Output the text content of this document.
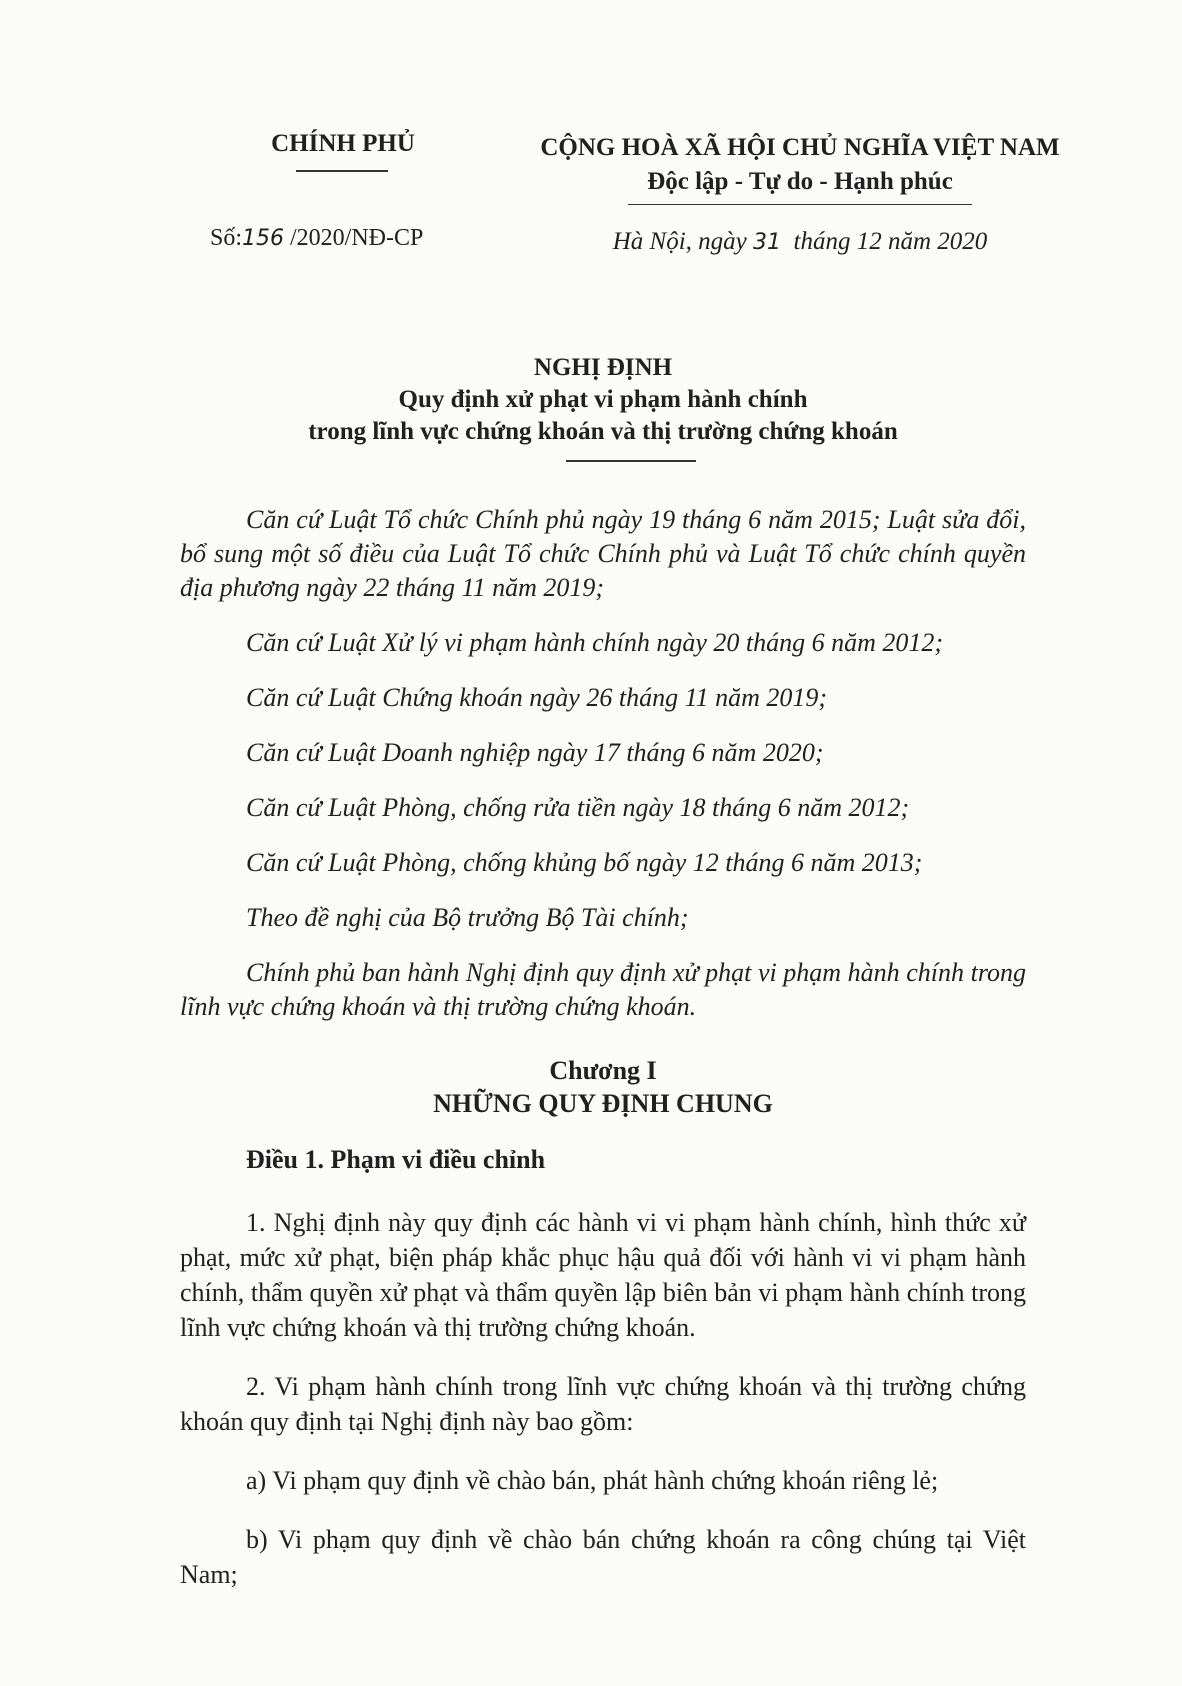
CHÍNH PHỦ
Số:156 /2020/NĐ-CP
CỘNG HOÀ XÃ HỘI CHỦ NGHĨA VIỆT NAM
Độc lập - Tự do - Hạnh phúc
Hà Nội, ngày 31 tháng 12 năm 2020
NGHỊ ĐỊNH
Quy định xử phạt vi phạm hành chính
trong lĩnh vực chứng khoán và thị trường chứng khoán

Căn cứ Luật Tổ chức Chính phủ ngày 19 tháng 6 năm 2015; Luật sửa đổi, bổ sung một số điều của Luật Tổ chức Chính phủ và Luật Tổ chức chính quyền địa phương ngày 22 tháng 11 năm 2019;

Căn cứ Luật Xử lý vi phạm hành chính ngày 20 tháng 6 năm 2012;

Căn cứ Luật Chứng khoán ngày 26 tháng 11 năm 2019;

Căn cứ Luật Doanh nghiệp ngày 17 tháng 6 năm 2020;

Căn cứ Luật Phòng, chống rửa tiền ngày 18 tháng 6 năm 2012;

Căn cứ Luật Phòng, chống khủng bố ngày 12 tháng 6 năm 2013;

Theo đề nghị của Bộ trưởng Bộ Tài chính;

Chính phủ ban hành Nghị định quy định xử phạt vi phạm hành chính trong lĩnh vực chứng khoán và thị trường chứng khoán.

Chương I
NHỮNG QUY ĐỊNH CHUNG
Điều 1. Phạm vi điều chỉnh

1. Nghị định này quy định các hành vi vi phạm hành chính, hình thức xử phạt, mức xử phạt, biện pháp khắc phục hậu quả đối với hành vi vi phạm hành chính, thẩm quyền xử phạt và thẩm quyền lập biên bản vi phạm hành chính trong lĩnh vực chứng khoán và thị trường chứng khoán.

2. Vi phạm hành chính trong lĩnh vực chứng khoán và thị trường chứng khoán quy định tại Nghị định này bao gồm:

a) Vi phạm quy định về chào bán, phát hành chứng khoán riêng lẻ;

b) Vi phạm quy định về chào bán chứng khoán ra công chúng tại Việt Nam;
